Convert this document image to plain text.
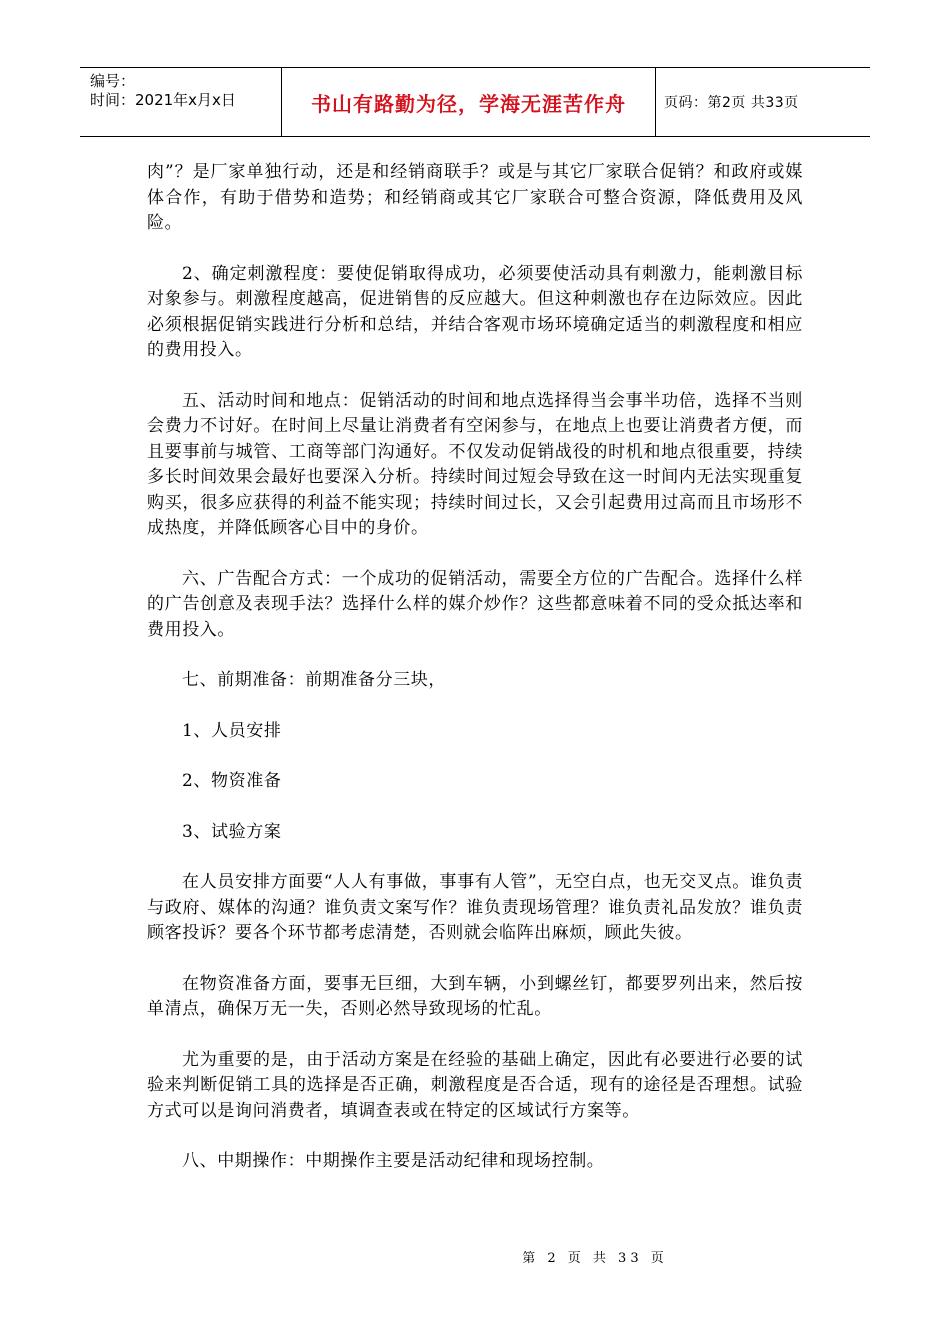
编号：
时间：2021年x月x日	书山有路勤为径，学海无涯苦作舟	页码：第2页 共33页

肉”？是厂家单独行动，还是和经销商联手？或是与其它厂家联合促销？和政府或媒体合作，有助于借势和造势；和经销商或其它厂家联合可整合资源，降低费用及风险。

2、确定刺激程度：要使促销取得成功，必须要使活动具有刺激力，能刺激目标对象参与。刺激程度越高，促进销售的反应越大。但这种刺激也存在边际效应。因此必须根据促销实践进行分析和总结，并结合客观市场环境确定适当的刺激程度和相应的费用投入。

五、活动时间和地点：促销活动的时间和地点选择得当会事半功倍，选择不当则会费力不讨好。在时间上尽量让消费者有空闲参与，在地点上也要让消费者方便，而且要事前与城管、工商等部门沟通好。不仅发动促销战役的时机和地点很重要，持续多长时间效果会最好也要深入分析。持续时间过短会导致在这一时间内无法实现重复购买，很多应获得的利益不能实现；持续时间过长，又会引起费用过高而且市场形不成热度，并降低顾客心目中的身价。

六、广告配合方式：一个成功的促销活动，需要全方位的广告配合。选择什么样的广告创意及表现手法？选择什么样的媒介炒作？这些都意味着不同的受众抵达率和费用投入。

七、前期准备：前期准备分三块，

1、人员安排

2、物资准备

3、试验方案

在人员安排方面要“人人有事做，事事有人管”，无空白点，也无交叉点。谁负责与政府、媒体的沟通？谁负责文案写作？谁负责现场管理？谁负责礼品发放？谁负责顾客投诉？要各个环节都考虑清楚，否则就会临阵出麻烦，顾此失彼。

在物资准备方面，要事无巨细，大到车辆，小到螺丝钉，都要罗列出来，然后按单清点，确保万无一失，否则必然导致现场的忙乱。

尤为重要的是，由于活动方案是在经验的基础上确定，因此有必要进行必要的试验来判断促销工具的选择是否正确，刺激程度是否合适，现有的途径是否理想。试验方式可以是询问消费者，填调查表或在特定的区域试行方案等。

八、中期操作：中期操作主要是活动纪律和现场控制。

第 2 页 共 33 页
